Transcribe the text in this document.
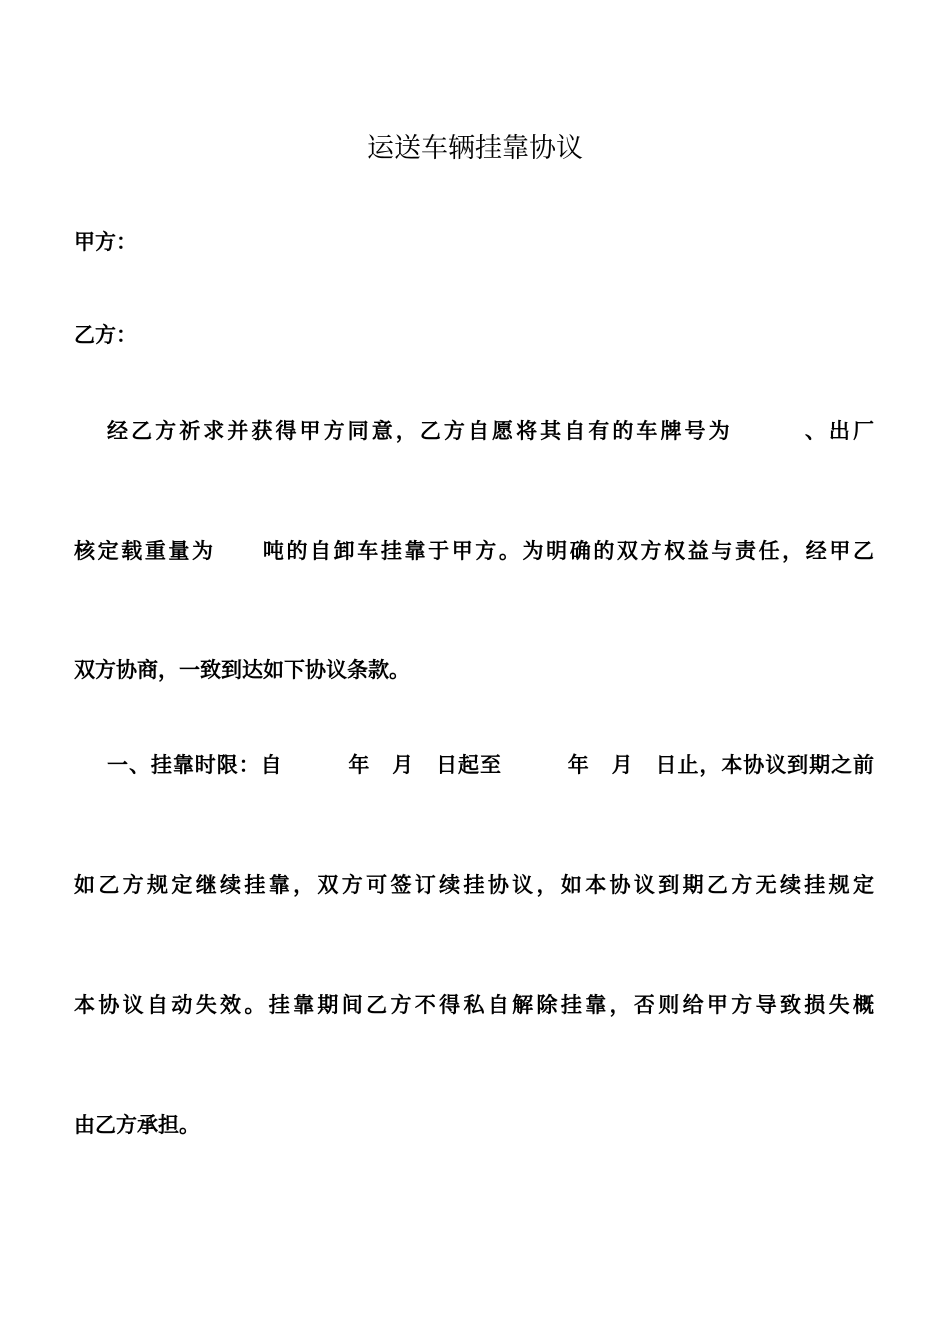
运送车辆挂靠协议

甲方：

乙方：

经乙方祈求并获得甲方同意，乙方自愿将其自有的车牌号为　　　、出厂

核定载重量为　　吨的自卸车挂靠于甲方。为明确的双方权益与责任，经甲乙

双方协商，一致到达如下协议条款。

一、挂靠时限：自　　　年　月　日起至　　　年　月　日止，本协议到期之前

如乙方规定继续挂靠，双方可签订续挂协议，如本协议到期乙方无续挂规定

本协议自动失效。挂靠期间乙方不得私自解除挂靠，否则给甲方导致损失概

由乙方承担。
